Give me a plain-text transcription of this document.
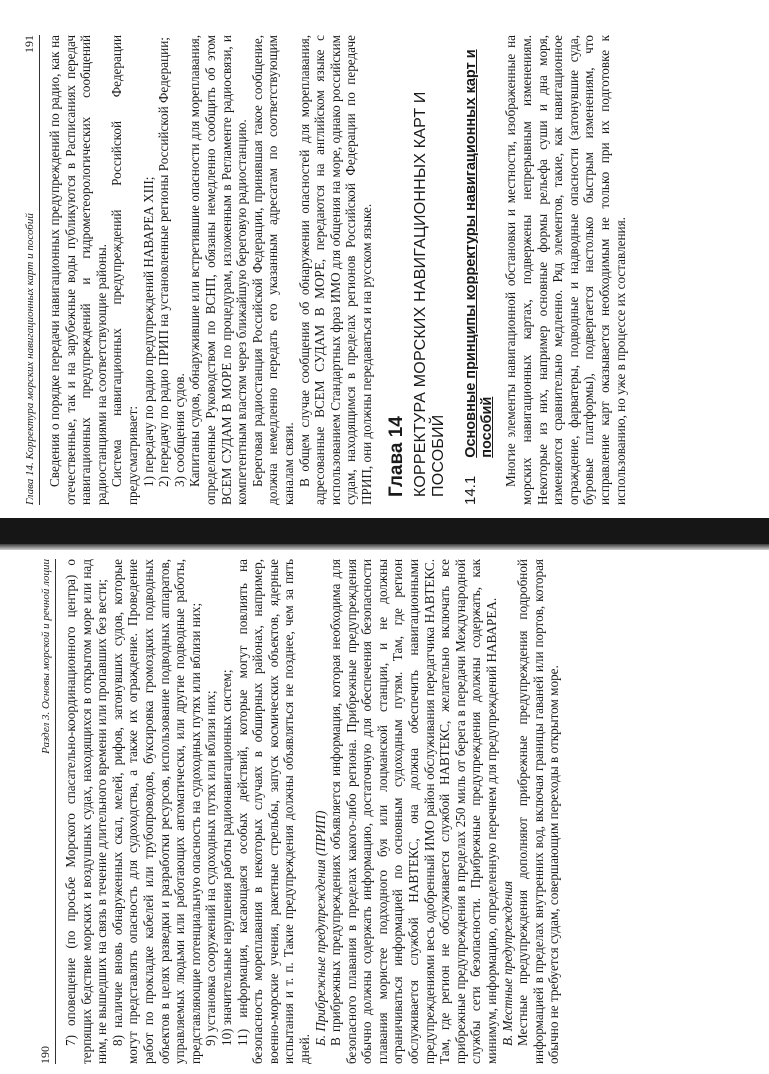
Глава 14. Корректура морских навигационных карт и пособий
191 Сведения о порядке передачи навигационных предупреждений по радио, как на отечественные, так и на зарубежные воды публикуются в Расписаниях передач навигационных предупреждений и гидрометеорологических сообщений радиостанциями на соответствующие районы. Система навигационных предупреждений Российской Федерации предусматривает: 1) передачу по радио предупреждений НАВАРЕА XIII; 2) передачу по радио ПРИП на установленные регионы Российской Федерации; 3) сообщения судов. Капитаны судов, обнаружившие или встретившие опасности для мореплавания, определенные Руководством по ВСНП, обязаны немедленно сообщить об этом ВСЕМ СУДАМ В МОРЕ по процедурам, изложенным в Регламенте радиосвязи, и компетентным властям через ближайшую береговую радиостанцию. Береговая радиостанция Российской Федерации, принявшая такое сообщение, должна немедленно передать его указанным адресатам по соответствующим каналам связи. В общем случае сообщения об обнаружении опасностей для мореплавания, адресованные ВСЕМ СУДАМ В МОРЕ, передаются на английском языке с использованием Стандартных фраз ИМО для общения на море, однако российским судам, находящимся в пределах регионов Российской Федерации по передаче ПРИП, они должны передаваться и на русском языке. Глава 14 КОРРЕКТУРА МОРСКИХ НАВИГАЦИОННЫХ КАРТ И ПОСОБИЙ 14.1
Основные принципы корректуры навигационных карт и пособий Многие элементы навигационной обстановки и местности, изображенные на морских навигационных картах, подвержены непрерывным изменениям. Некоторые из них, например основные формы рельефа суши и дна моря, изменяются сравнительно медленно. Ряд элементов, такие, как навигационное ограждение, фарватеры, подводные и надводные опасности (затонувшие суда, буровые платформы), подвергается настолько быстрым изменениям, что исправление карт оказывается необходимым не только при их подготовке к использованию, но уже в процессе их составления.

190
Раздел 3. Основы морской и речной лоции 7) оповещение (по просьбе Морского спасательно-координационного центра) о терпящих бедствие морских и воздушных судах, находящихся в открытом море или над ним, не вышедших на связь в течение длительного времени или пропавших без вести; 8) наличие вновь обнаруженных скал, мелей, рифов, затонувших судов, которые могут представлять опасность для судоходства, а также их ограждение. Проведение работ по прокладке кабелей или трубопроводов, буксировка громоздких подводных объектов в целях разведки и разработки ресурсов, использование подводных аппаратов, управляемых людьми или работающих автоматически, или другие подводные работы, представляющие потенциальную опасность на судоходных путях или вблизи них; 9) установка сооружений на судоходных путях или вблизи них; 10) значительные нарушения работы радионавигационных систем; 11) информация, касающаяся особых действий, которые могут повлиять на безопасность мореплавания в некоторых случаях в обширных районах, например, военно-морские учения, ракетные стрельбы, запуск космических объектов, ядерные испытания и т. п. Такие предупреждения должны объявляться не позднее, чем за пять дней.

Б. Прибрежные предупреждения (ПРИП) В прибрежных предупреждениях объявляется информация, которая необходима для безопасного плавания в пределах какого-либо региона. Прибрежные предупреждения обычно должны содержать информацию, достаточную для обеспечения безопасности плавания мористее подходного буя или лоцманской станции, и не должны ограничиваться информацией по основным судоходным путям. Там, где регион обслуживается службой НАВТЕКС, она должна обеспечить навигационными предупреждениями весь одобренный ИМО район обслуживания передатчика НАВТЕКС. Там, где регион не обслуживается службой НАВТЕКС, желательно включать все прибрежные предупреждения в пределах 250 миль от берега в передачи Международной службы сети безопасности. Прибрежные предупреждения должны содержать, как минимум, информацию, определенную перечнем для предупреждений НАВАРЕА. В. Местные предупреждения Местные предупреждения дополняют прибрежные предупреждения подробной информацией в пределах внутренних вод, включая границы гаваней или портов, которая обычно не требуется судам, совершающим переходы в открытом море.
